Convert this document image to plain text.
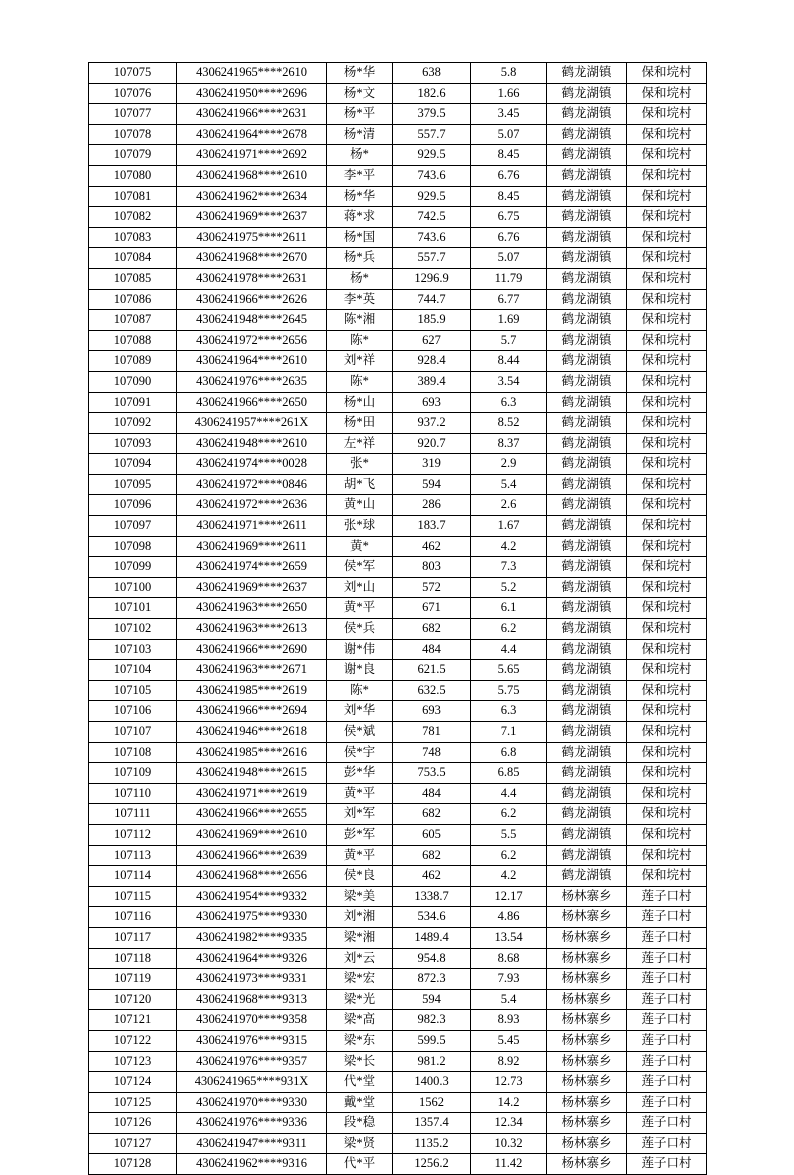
107075	4306241965****2610	杨*华	638	5.8	鹤龙湖镇	保和垸村
107076	4306241950****2696	杨*文	182.6	1.66	鹤龙湖镇	保和垸村
107077	4306241966****2631	杨*平	379.5	3.45	鹤龙湖镇	保和垸村
107078	4306241964****2678	杨*清	557.7	5.07	鹤龙湖镇	保和垸村
107079	4306241971****2692	杨*	929.5	8.45	鹤龙湖镇	保和垸村
107080	4306241968****2610	李*平	743.6	6.76	鹤龙湖镇	保和垸村
107081	4306241962****2634	杨*华	929.5	8.45	鹤龙湖镇	保和垸村
107082	4306241969****2637	蒋*求	742.5	6.75	鹤龙湖镇	保和垸村
107083	4306241975****2611	杨*国	743.6	6.76	鹤龙湖镇	保和垸村
107084	4306241968****2670	杨*兵	557.7	5.07	鹤龙湖镇	保和垸村
107085	4306241978****2631	杨*	1296.9	11.79	鹤龙湖镇	保和垸村
107086	4306241966****2626	李*英	744.7	6.77	鹤龙湖镇	保和垸村
107087	4306241948****2645	陈*湘	185.9	1.69	鹤龙湖镇	保和垸村
107088	4306241972****2656	陈*	627	5.7	鹤龙湖镇	保和垸村
107089	4306241964****2610	刘*祥	928.4	8.44	鹤龙湖镇	保和垸村
107090	4306241976****2635	陈*	389.4	3.54	鹤龙湖镇	保和垸村
107091	4306241966****2650	杨*山	693	6.3	鹤龙湖镇	保和垸村
107092	4306241957****261X	杨*田	937.2	8.52	鹤龙湖镇	保和垸村
107093	4306241948****2610	左*祥	920.7	8.37	鹤龙湖镇	保和垸村
107094	4306241974****0028	张*	319	2.9	鹤龙湖镇	保和垸村
107095	4306241972****0846	胡*飞	594	5.4	鹤龙湖镇	保和垸村
107096	4306241972****2636	黄*山	286	2.6	鹤龙湖镇	保和垸村
107097	4306241971****2611	张*球	183.7	1.67	鹤龙湖镇	保和垸村
107098	4306241969****2611	黄*	462	4.2	鹤龙湖镇	保和垸村
107099	4306241974****2659	侯*军	803	7.3	鹤龙湖镇	保和垸村
107100	4306241969****2637	刘*山	572	5.2	鹤龙湖镇	保和垸村
107101	4306241963****2650	黄*平	671	6.1	鹤龙湖镇	保和垸村
107102	4306241963****2613	侯*兵	682	6.2	鹤龙湖镇	保和垸村
107103	4306241966****2690	谢*伟	484	4.4	鹤龙湖镇	保和垸村
107104	4306241963****2671	谢*良	621.5	5.65	鹤龙湖镇	保和垸村
107105	4306241985****2619	陈*	632.5	5.75	鹤龙湖镇	保和垸村
107106	4306241966****2694	刘*华	693	6.3	鹤龙湖镇	保和垸村
107107	4306241946****2618	侯*斌	781	7.1	鹤龙湖镇	保和垸村
107108	4306241985****2616	侯*宇	748	6.8	鹤龙湖镇	保和垸村
107109	4306241948****2615	彭*华	753.5	6.85	鹤龙湖镇	保和垸村
107110	4306241971****2619	黄*平	484	4.4	鹤龙湖镇	保和垸村
107111	4306241966****2655	刘*军	682	6.2	鹤龙湖镇	保和垸村
107112	4306241969****2610	彭*军	605	5.5	鹤龙湖镇	保和垸村
107113	4306241966****2639	黄*平	682	6.2	鹤龙湖镇	保和垸村
107114	4306241968****2656	侯*良	462	4.2	鹤龙湖镇	保和垸村
107115	4306241954****9332	梁*美	1338.7	12.17	杨林寨乡	莲子口村
107116	4306241975****9330	刘*湘	534.6	4.86	杨林寨乡	莲子口村
107117	4306241982****9335	梁*湘	1489.4	13.54	杨林寨乡	莲子口村
107118	4306241964****9326	刘*云	954.8	8.68	杨林寨乡	莲子口村
107119	4306241973****9331	梁*宏	872.3	7.93	杨林寨乡	莲子口村
107120	4306241968****9313	梁*光	594	5.4	杨林寨乡	莲子口村
107121	4306241970****9358	梁*高	982.3	8.93	杨林寨乡	莲子口村
107122	4306241976****9315	梁*东	599.5	5.45	杨林寨乡	莲子口村
107123	4306241976****9357	梁*长	981.2	8.92	杨林寨乡	莲子口村
107124	4306241965****931X	代*堂	1400.3	12.73	杨林寨乡	莲子口村
107125	4306241970****9330	戴*堂	1562	14.2	杨林寨乡	莲子口村
107126	4306241976****9336	段*稳	1357.4	12.34	杨林寨乡	莲子口村
107127	4306241947****9311	梁*贤	1135.2	10.32	杨林寨乡	莲子口村
107128	4306241962****9316	代*平	1256.2	11.42	杨林寨乡	莲子口村
